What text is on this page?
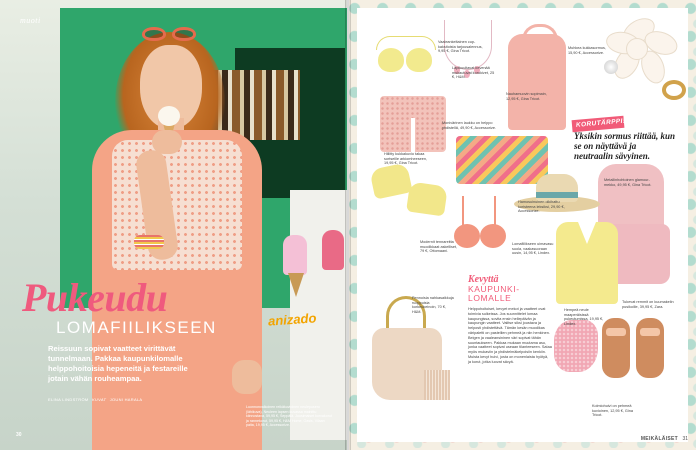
anizado
muoti
Pukeudu
LOMAFIILIKSEEN

Reissuun sopivat vaatteet virittävät tunnelmaan. Pakkaa kaupunkilomalle helppohoitoisia hepeneitä ja festareille jotain vähän rouheampaa.

ELINA LINDSTRÖM KUVAT JOUNI HARALA

Luonnonvalkoinen reikäkuvioinen neulepusero (lähikuva), Neuleen lapsen kuvassa mainittu kiinnostava, 59,95 €, Seppälä. Jousimaiset korvakorut ja rannekorut, 59,95 €, H&M Home, Oasis, Vilaan paita, 19,95 €, Accessorize.

30

Vaaleankeltainen cup-kaksitoista tarjousalennus, 9,95 €, Gina Tricot.

Läpikuultavat kevenää mukautuvat korukivet, 25 €, H&M.

Muhkea kukkasormus, 15,90 €, Accessorize.

Nauhamuovin sopimain, 12,95 €, Gina Tricot.

Monivärinen laukku on helppo yhdistellä, 49,90 €, Accessorize.

Hillitty kukkakuvio takaa sortseille arkiomheeseen, 19,95 €, Gina Tricot.

Hamosuinuinen olkihattu koristeena leksiksi, 29,90 €, Accessorize.

Metallinhohtoinen glamour-mekko, 49,95 €, Gina Tricot.

Lomafiilikseen uimavasu suola, vaakasuoraan uusin, 14,95 €, Lindex.

Modernit tennareitta muodikkaat askelliset, 79 €, Ottomaani.

Pennoisia nahkasaikkuja ruoppuisia korkeukeinoin, 70 €, H&M.

Hempeä neule maaperäisissä pukeutumissa, 19,95 €, Lindex.

Tukevat remmit on kuumakelin pusikoille, 39,95 €, Zara.

Kolmiohuivi on pehmeä kuvioinen, 12,95 €, Gina Tricot.

KORUTÄRPPI!

Yksikin sormus riittää, kun se on näyttävä ja neutraalin sävyinen.

Kevyttä
KAUPUNKI-LOMALLE

Helppohoitoiset, kevyet mekot ja vaatteet ovat toimivia sulkeissa. Jos suunnittelet lomaa kaupungissa, sovita ensin hellepäivän ja kaupungin vaatteet. Valitse siksi joustava ja helposti yhdistettävä. Tämän kesän muodikas väripaletti on pastellien pehmeä ja niin henkinen. Beigen ja vaaleansininen väri sopivat tähän suuntaukseen. Pakkaa mukaan muutama asu, jonka vaatteet sopivat useaan tilanteeseen. Sataa myös mukaviin ja yhdistelmäkelpoisiin kenkiin. Muista kevyt huivi, josta on monenlaista hyötyä, ja korut, jotka luovat sävyä.

MEIKÄLÄISET 31
